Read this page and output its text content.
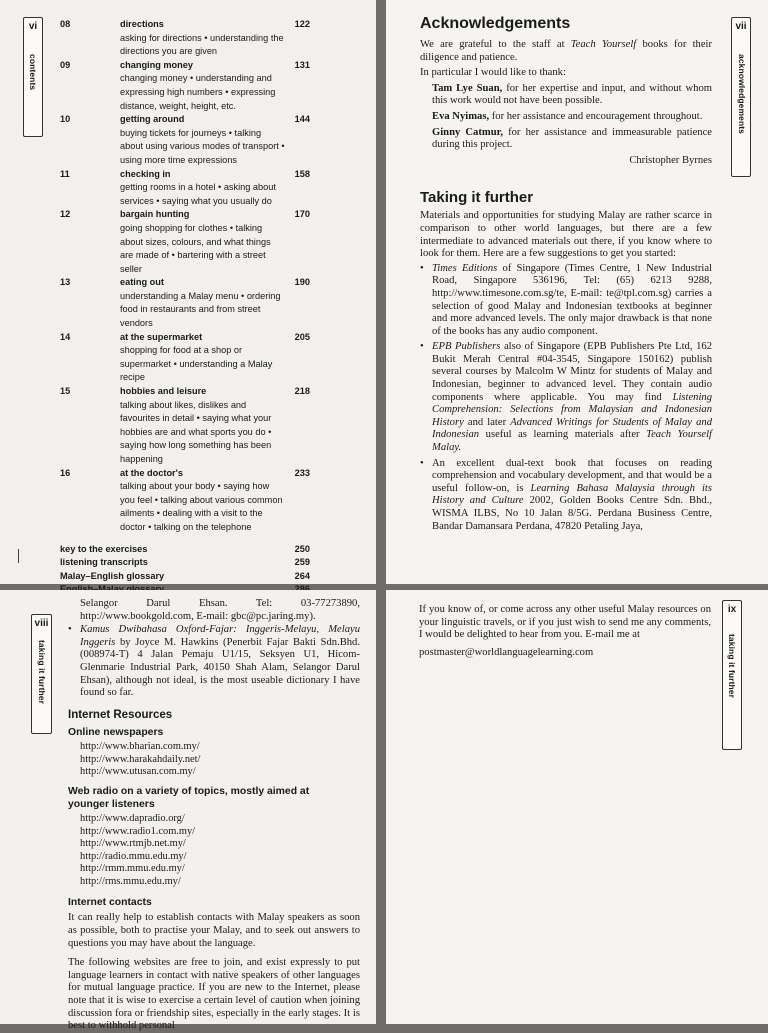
vi
contents
08	directions	122
asking for directions • understanding the directions you are given
09	changing money	131
changing money • understanding and expressing high numbers • expressing distance, weight, height, etc.
10	getting around	144
buying tickets for journeys • talking about using various modes of transport • using more time expressions
11	checking in	158
getting rooms in a hotel • asking about services • saying what you usually do
12	bargain hunting	170
going shopping for clothes • talking about sizes, colours, and what things are made of • bartering with a street seller
13	eating out	190
understanding a Malay menu • ordering food in restaurants and from street vendors
14	at the supermarket	205
shopping for food at a shop or supermarket • understanding a Malay recipe
15	hobbies and leisure	218
talking about likes, dislikes and favourites in detail • saying what your hobbies are and what sports you do • saying how long something has been happening
16	at the doctor's	233
talking about your body • saying how you feel • talking about various common ailments • dealing with a visit to the doctor • talking on the telephone
key to the exercises	250
listening transcripts	259
Malay–English glossary	264
vii
acknowledgements
Acknowledgements

We are grateful to the staff at Teach Yourself books for their diligence and patience.

In particular I would like to thank:

Tam Lye Suan, for her expertise and input, and without whom this work would not have been possible.

Eva Nyimas, for her assistance and encouragement throughout.

Ginny Catmur, for her assistance and immeasurable patience during this project.

Christopher Byrnes

Taking it further

Materials and opportunities for studying Malay are rather scarce in comparison to other world languages, but there are a few intermediate to advanced materials out there, if you know where to look for them. Here are a few suggestions to get you started:

• Times Editions of Singapore (Times Centre, 1 New Industrial Road, Singapore 536196, Tel: (65) 6213 9288, http://www.timesone.com.sg/te, E-mail: te@tpl.com.sg) carries a selection of good Malay and Indonesian textbooks at beginner and more advanced levels. The only major drawback is that none of the books has any audio component.
• EPB Publishers also of Singapore (EPB Publishers Pte Ltd, 162 Bukit Merah Central #04-3545, Singapore 150162) publish several courses by Malcolm W Mintz for students of Malay and Indonesian, beginner to advanced level. They contain audio components where applicable. You may find Listening Comprehension: Selections from Malaysian and Indonesian History and later Advanced Writings for Students of Malay and Indonesian useful as learning materials after Teach Yourself Malay.
• An excellent dual-text book that focuses on reading comprehension and vocabulary development, and that would be a useful follow-on, is Learning Bahasa Malaysia through its History and Culture 2002, Golden Books Centre Sdn. Bhd., WISMA ILBS, No 10 Jalan 8/5G. Perdana Business Centre, Bandar Damansara Perdana, 47820 Petaling Jaya,
viii
taking it further

Selangor Darul Ehsan. Tel: 03-77273890, http://www.bookgold.com, E-mail: gbc@pc.jaring.my).

• Kamus Dwibahasa Oxford-Fajar: Inggeris-Melayu, Melayu Inggeris by Joyce M. Hawkins (Penerbit Fajar Bakti Sdn.Bhd. (008974-T) 4 Jalan Pemaju U1/15, Seksyen U1, Hicom-Glenmarie Industrial Park, 40150 Shah Alam, Selangor Darul Ehsan), although not ideal, is the most useable dictionary I have found so far.
Internet Resources
Online newspapers
http://www.bharian.com.my/
http://www.harakahdaily.net/
http://www.utusan.com.my/
Web radio on a variety of topics, mostly aimed at younger listeners
http://www.dapradio.org/
http://www.radio1.com.my/
http://www.rtmjb.net.my/
http://radio.mmu.edu.my/
http://rmm.mmu.edu.my/
http://rms.mmu.edu.my/
Internet contacts

It can really help to establish contacts with Malay speakers as soon as possible, both to practise your Malay, and to seek out answers to questions you may have about the language.

The following websites are free to join, and exist expressly to put language learners in contact with native speakers of other languages for mutual language practice. If you are new to the Internet, please note that it is wise to exercise a certain level of caution when joining discussion fora or friendship sites, especially in the early stages. It is best to withhold personal

ix
taking it further

If you know of, or come across any other useful Malay resources on your linguistic travels, or if you just wish to send me any comments, I would be delighted to hear from you. E-mail me at

postmaster@worldlanguagelearning.com
